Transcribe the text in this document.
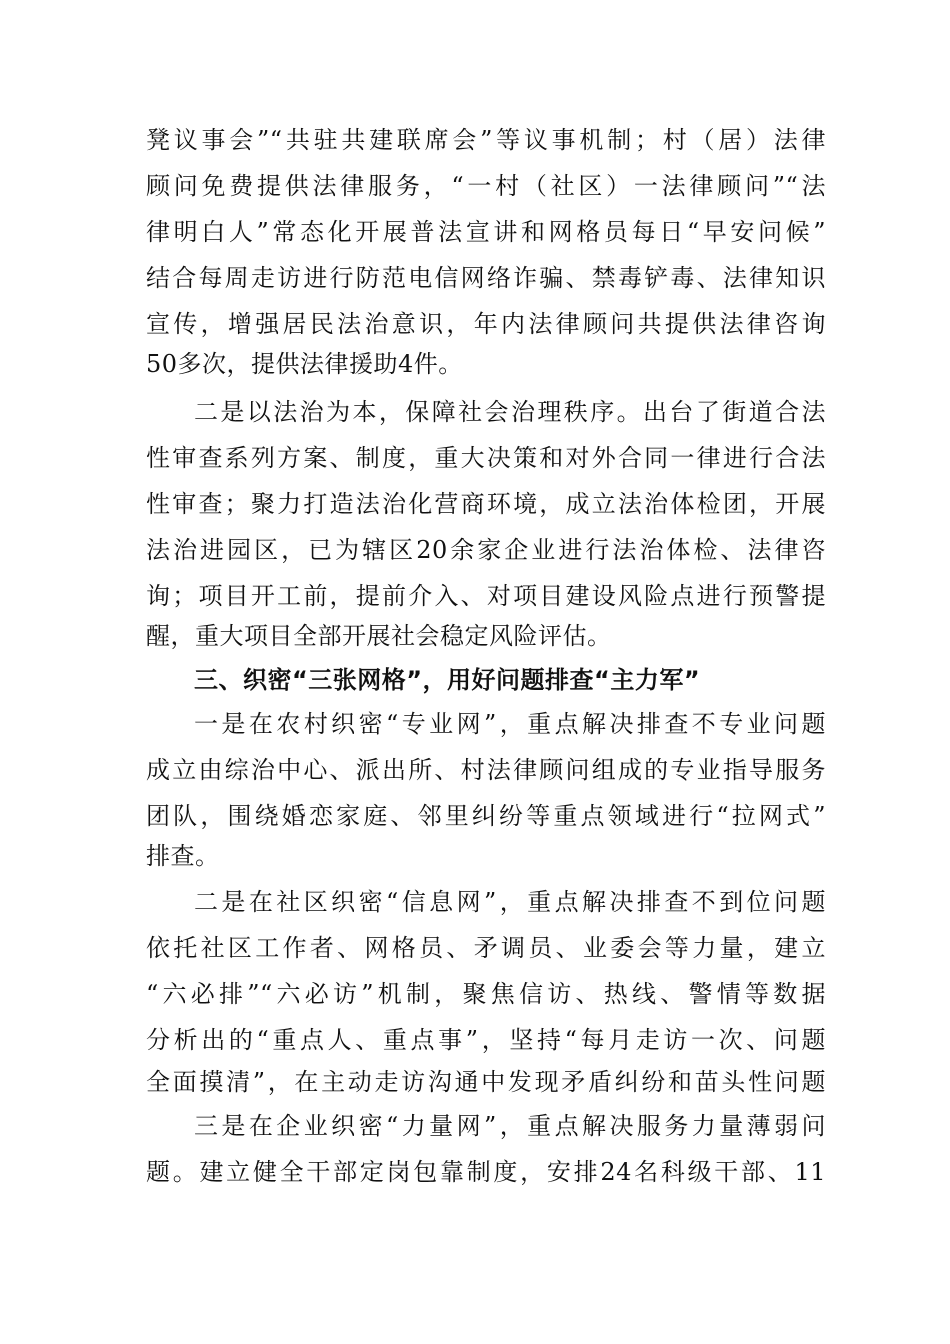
凳议事会”“共驻共建联席会”等议事机制；村（居）法律
顾问免费提供法律服务，“一村（社区）一法律顾问”“法
律明白人”常态化开展普法宣讲和网格员每日“早安问候”
结合每周走访进行防范电信网络诈骗、禁毒铲毒、法律知识
宣传，增强居民法治意识，年内法律顾问共提供法律咨询
50多次，提供法律援助4件。
二是以法治为本，保障社会治理秩序。出台了街道合法
性审查系列方案、制度，重大决策和对外合同一律进行合法
性审查；聚力打造法治化营商环境，成立法治体检团，开展
法治进园区，已为辖区20余家企业进行法治体检、法律咨
询；项目开工前，提前介入、对项目建设风险点进行预警提
醒，重大项目全部开展社会稳定风险评估。
三、织密“三张网格”，用好问题排查“主力军”
一是在农村织密“专业网”，重点解决排查不专业问题
成立由综治中心、派出所、村法律顾问组成的专业指导服务
团队，围绕婚恋家庭、邻里纠纷等重点领域进行“拉网式”
排查。
二是在社区织密“信息网”，重点解决排查不到位问题
依托社区工作者、网格员、矛调员、业委会等力量，建立
“六必排”“六必访”机制，聚焦信访、热线、警情等数据
分析出的“重点人、重点事”，坚持“每月走访一次、问题
全面摸清”，在主动走访沟通中发现矛盾纠纷和苗头性问题
三是在企业织密“力量网”，重点解决服务力量薄弱问
题。建立健全干部定岗包靠制度，安排24名科级干部、11
